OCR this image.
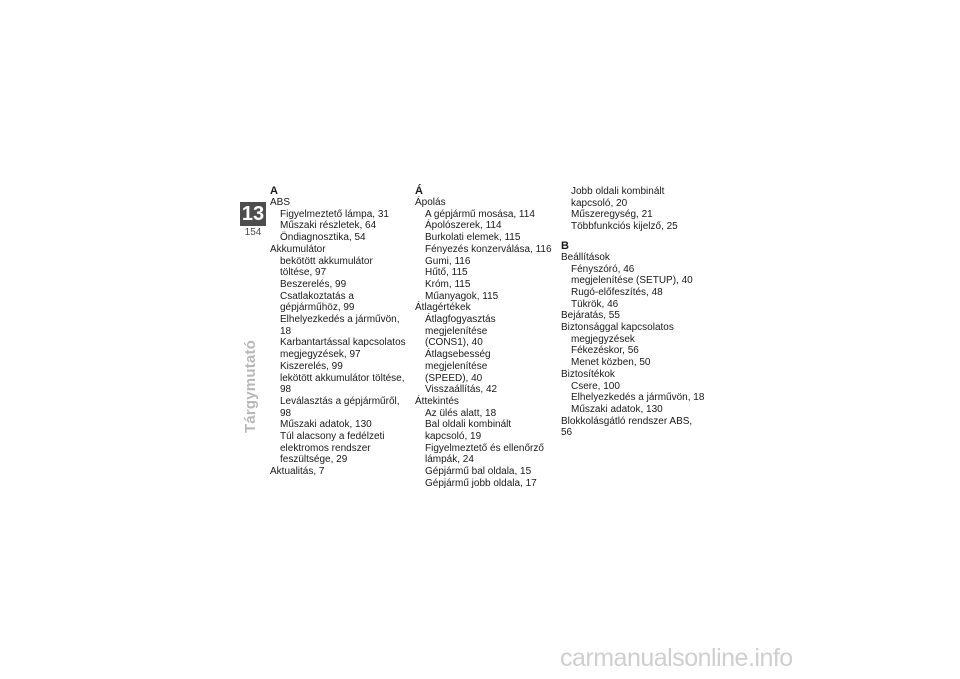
13
154
Tárgymutató
A
ABS
Figyelmeztető lámpa, 31
Műszaki részletek, 64
Öndiagnosztika, 54
Akkumulátor
bekötött akkumulátor
töltése, 97
Beszerelés, 99
Csatlakoztatás a
gépjárműhöz, 99
Elhelyezkedés a járművön, 18
Karbantartással kapcsolatos
megjegyzések, 97
Kiszerelés, 99
lekötött akkumulátor töltése, 98
Leválasztás a gépjárműről, 98
Műszaki adatok, 130
Túl alacsony a fedélzeti
elektromos rendszer
feszültsége, 29
Aktualitás, 7
Á
Ápolás
A gépjármű mosása, 114
Ápolószerek, 114
Burkolati elemek, 115
Fényezés konzerválása, 116
Gumi, 116
Hűtő, 115
Króm, 115
Műanyagok, 115
Átlagértékek
Átlagfogyasztás megjelenítése
(CONS1), 40
Átlagsebesség megjelenítése
(SPEED), 40
Visszaállítás, 42
Áttekintés
Az ülés alatt, 18
Bal oldali kombinált
kapcsoló, 19
Figyelmeztető és ellenőrző
lámpák, 24
Gépjármű bal oldala, 15
Gépjármű jobb oldala, 17
Jobb oldali kombinált
kapcsoló, 20
Műszeregység, 21
Többfunkciós kijelző, 25
B
Beállítások
Fényszóró, 46
megjelenítése (SETUP), 40
Rugó-előfeszítés, 48
Tükrök, 46
Bejáratás, 55
Biztonsággal kapcsolatos
megjegyzések
Fékezéskor, 56
Menet közben, 50
Biztosítékok
Csere, 100
Elhelyezkedés a járművön, 18
Műszaki adatok, 130
Blokkolásgátló rendszer ABS, 56
carmanualsonline.info
